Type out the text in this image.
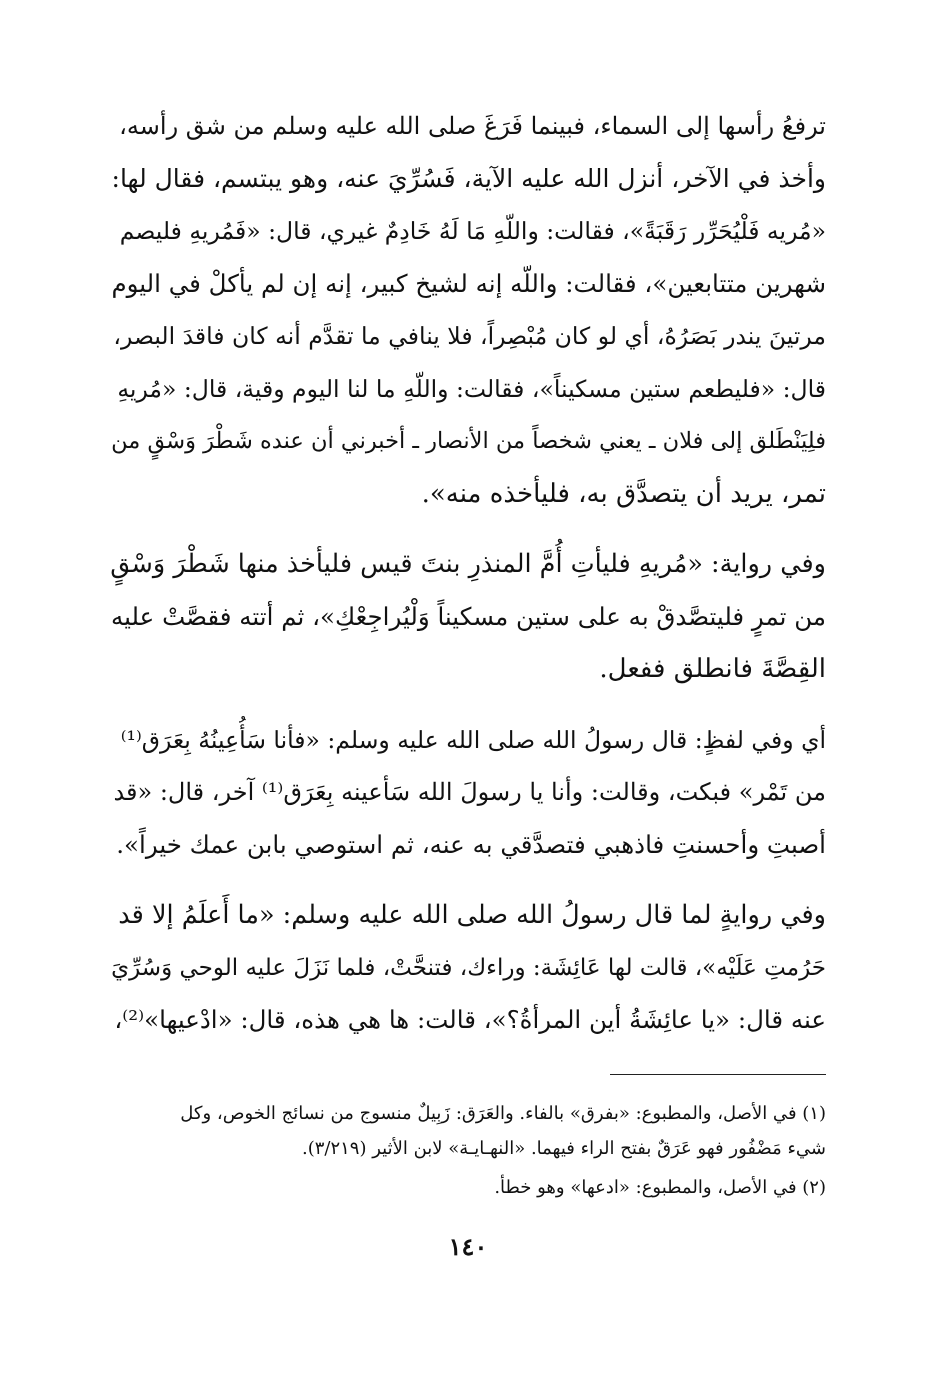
ترفعُ رأسها إلى السماء، فبينما فَرَغَ صلى الله عليه وسلم من شق رأسه،
وأخذ في الآخر، أنزل الله عليه الآية، فَسُرِّيَ عنه، وهو يبتسم، فقال لها:
«مُريه فَلْيُحَرِّر رَقَبَةً»، فقالت: واللّهِ مَا لَهُ خَادِمٌ غيري، قال: «فَمُريهِ فليصم
شهرين متتابعين»، فقالت: واللّه إنه لشيخ كبير، إنه إن لم يأكلْ في اليوم
مرتينَ يندر بَصَرُهُ، أي لو كان مُبْصِراً، فلا ينافي ما تقدَّم أنه كان فاقدَ البصر،
قال: «فليطعم ستين مسكيناً»، فقالت: واللّهِ ما لنا اليوم وقية، قال: «مُريهِ
فلِيَنْطَلق إلى فلان ـ يعني شخصاً من الأنصار ـ أخبرني أن عنده شَطْرَ وَسْقٍ من
تمر، يريد أن يتصدَّق به، فليأخذه منه».
وفي رواية: «مُريهِ فليأتِ أُمَّ المنذرِ بنتَ قيس فليأخذ منها شَطْرَ وَسْقٍ
من تمرٍ فليتصَّدقْ به على ستين مسكيناً وَلْيُراجِعْكِ»، ثم أتته فقصَّتْ عليه
القِصَّةَ فانطلق ففعل.
أي وفي لفظٍ: قال رسولُ الله صلى الله عليه وسلم: «فأنا سَأُعِينُهُ بِعَرَق⁽¹⁾
من تَمْر» فبكت، وقالت: وأنا يا رسولَ الله سَأعينه بِعَرَق⁽¹⁾ آخر، قال: «قد
أصبتِ وأحسنتِ فاذهبي فتصدَّقي به عنه، ثم استوصي بابن عمك خيراً».
وفي روايةٍ لما قال رسولُ الله صلى الله عليه وسلم: «ما أَعلَمُ إلا قد
حَرُمتِ عَلَيْه»، قالت لها عَائِشَة: وراءك، فتنحَّتْ، فلما نَزَلَ عليه الوحي وَسُرِّيَ
عنه قال: «يا عائِشَةُ أين المرأةُ؟»، قالت: ها هي هذه، قال: «ادْعيها»⁽²⁾،
(١) في الأصل، والمطبوع: «بفرق» بالفاء. والعَرَق: زَبِيلٌ منسوج من نسائج الخوص، وكل
شيء مَضْفُور فهو عَرَقٌ بفتح الراء فيهما. «النهـايـة» لابن الأثير (٣/٢١٩).
(٢) في الأصل، والمطبوع: «ادعها» وهو خطأ.
١٤٠
